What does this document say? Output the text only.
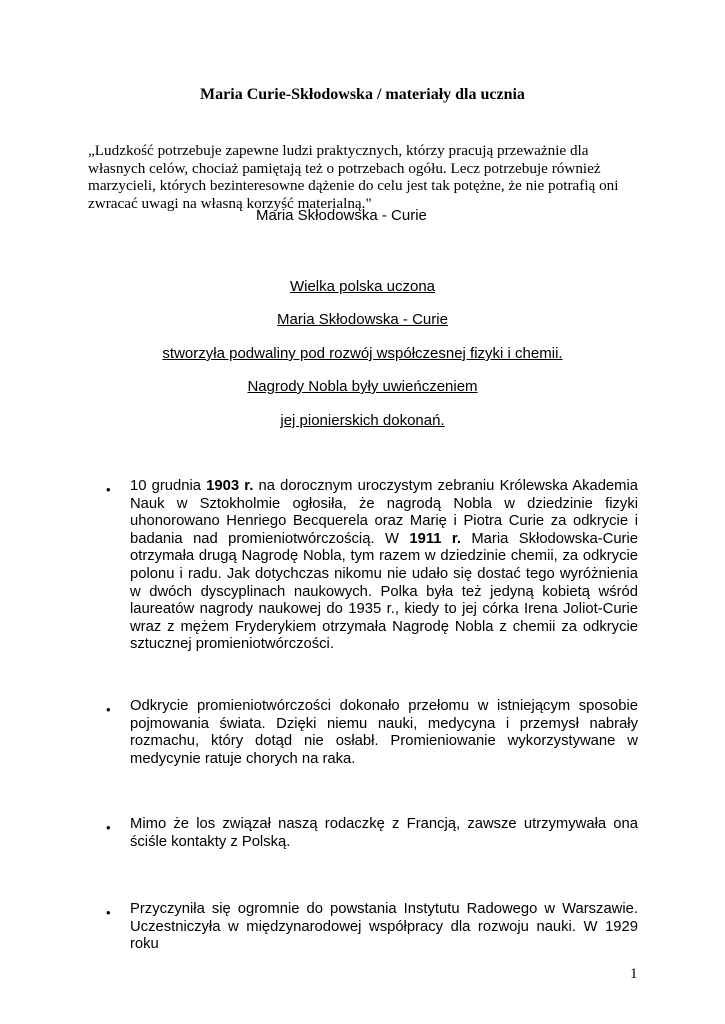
Maria Curie-Skłodowska / materiały dla ucznia

„Ludzkość potrzebuje zapewne ludzi praktycznych, którzy pracują przeważnie dla własnych celów, chociaż pamiętają też o potrzebach ogółu. Lecz potrzebuje również marzycieli, których bezinteresowne dążenie do celu jest tak potężne, że nie potrafią oni zwracać uwagi na własną korzyść materialną."

Maria Skłodowska - Curie
Wielka polska uczona
Maria Skłodowska - Curie
stworzyła podwaliny pod rozwój współczesnej fizyki i chemii.
Nagrody Nobla były uwieńczeniem
jej pionierskich dokonań.
• 10 grudnia 1903 r. na dorocznym uroczystym zebraniu Królewska Akademia Nauk w Sztokholmie ogłosiła, że nagrodą Nobla w dziedzinie fizyki uhonorowano Henriego Becquerela oraz Marię i Piotra Curie za odkrycie i badania nad promieniotwórczością. W 1911 r. Maria Skłodowska-Curie otrzymała drugą Nagrodę Nobla, tym razem w dziedzinie chemii, za odkrycie polonu i radu. Jak dotychczas nikomu nie udało się dostać tego wyróżnienia w dwóch dyscyplinach naukowych. Polka była też jedyną kobietą wśród laureatów nagrody naukowej do 1935 r., kiedy to jej córka Irena Joliot-Curie wraz z mężem Fryderykiem otrzymała Nagrodę Nobla z chemii za odkrycie sztucznej promieniotwórczości.

• Odkrycie promieniotwórczości dokonało przełomu w istniejącym sposobie pojmowania świata. Dzięki niemu nauki, medycyna i przemysł nabrały rozmachu, który dotąd nie osłabł. Promieniowanie wykorzystywane w medycynie ratuje chorych na raka.

• Mimo że los związał naszą rodaczkę z Francją, zawsze utrzymywała ona ściśle kontakty z Polską.

• Przyczyniła się ogromnie do powstania Instytutu Radowego w Warszawie. Uczestniczyła w międzynarodowej współpracy dla rozwoju nauki. W 1929 roku

1
